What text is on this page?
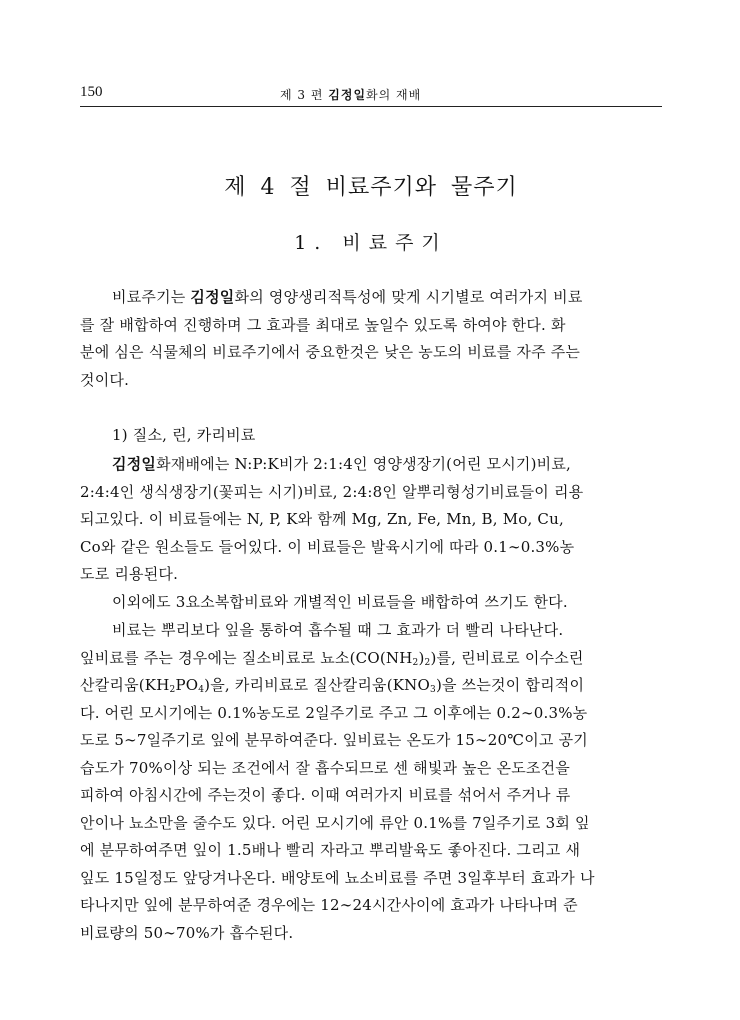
150	제 3 편 김정일화의 재배
제 4 절 비료주기와 물주기
1. 비료주기
비료주기는 김정일화의 영양생리적특성에 맞게 시기별로 여러가지 비료
를 잘 배합하여 진행하며 그 효과를 최대로 높일수 있도록 하여야 한다. 화
분에 심은 식물체의 비료주기에서 중요한것은 낮은 농도의 비료를 자주 주는
것이다.
1) 질소, 린, 카리비료
김정일화재배에는 N:P:K비가 2:1:4인 영양생장기(어린 모시기)비료,
2:4:4인 생식생장기(꽃피는 시기)비료, 2:4:8인 알뿌리형성기비료들이 리용
되고있다. 이 비료들에는 N, P, K와 함께 Mg, Zn, Fe, Mn, B, Mo, Cu,
Co와 같은 원소들도 들어있다. 이 비료들은 발육시기에 따라 0.1∼0.3%농
도로 리용된다.
이외에도 3요소복합비료와 개별적인 비료들을 배합하여 쓰기도 한다.
비료는 뿌리보다 잎을 통하여 흡수될 때 그 효과가 더 빨리 나타난다.
잎비료를 주는 경우에는 질소비료로 뇨소$(CO(NH_2)_2)$를, 린비료로 이수소린
산칼리움$(KH_2PO_4)$을, 카리비료로 질산칼리움$(KNO_3)$을 쓰는것이 합리적이
다. 어린 모시기에는 0.1%농도로 2일주기로 주고 그 이후에는 0.2∼0.3%농
도로 5∼7일주기로 잎에 분무하여준다. 잎비료는 온도가 15∼20℃이고 공기
습도가 70%이상 되는 조건에서 잘 흡수되므로 센 해빛과 높은 온도조건을
피하여 아침시간에 주는것이 좋다. 이때 여러가지 비료를 섞어서 주거나 류
안이나 뇨소만을 줄수도 있다. 어린 모시기에 류안 0.1%를 7일주기로 3회 잎
에 분무하여주면 잎이 1.5배나 빨리 자라고 뿌리발육도 좋아진다. 그리고 새
잎도 15일정도 앞당겨나온다. 배양토에 뇨소비료를 주면 3일후부터 효과가 나
타나지만 잎에 분무하여준 경우에는 12∼24시간사이에 효과가 나타나며 준
비료량의 50∼70%가 흡수된다.
